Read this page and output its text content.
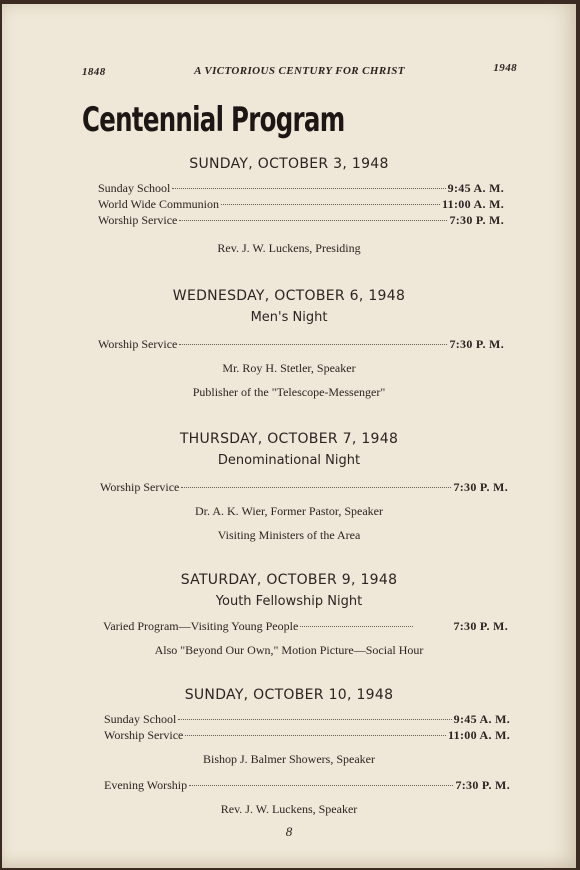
1848	A VICTORIOUS CENTURY FOR CHRIST	1948
Centennial Program
SUNDAY, OCTOBER 3, 1948
Sunday School	9:45 A. M.
World Wide Communion	11:00 A. M.
Worship Service	7:30 P. M.
Rev. J. W. Luckens, Presiding
WEDNESDAY, OCTOBER 6, 1948
Men's Night
Worship Service	7:30 P. M.
Mr. Roy H. Stetler, Speaker
Publisher of the "Telescope-Messenger"
THURSDAY, OCTOBER 7, 1948
Denominational Night
Worship Service	7:30 P. M.
Dr. A. K. Wier, Former Pastor, Speaker
Visiting Ministers of the Area
SATURDAY, OCTOBER 9, 1948
Youth Fellowship Night
Varied Program—Visiting Young People	7:30 P. M.
Also "Beyond Our Own," Motion Picture—Social Hour
SUNDAY, OCTOBER 10, 1948
Sunday School	9:45 A. M.
Worship Service	11:00 A. M.
Bishop J. Balmer Showers, Speaker
Evening Worship	7:30 P. M.
Rev. J. W. Luckens, Speaker
8
